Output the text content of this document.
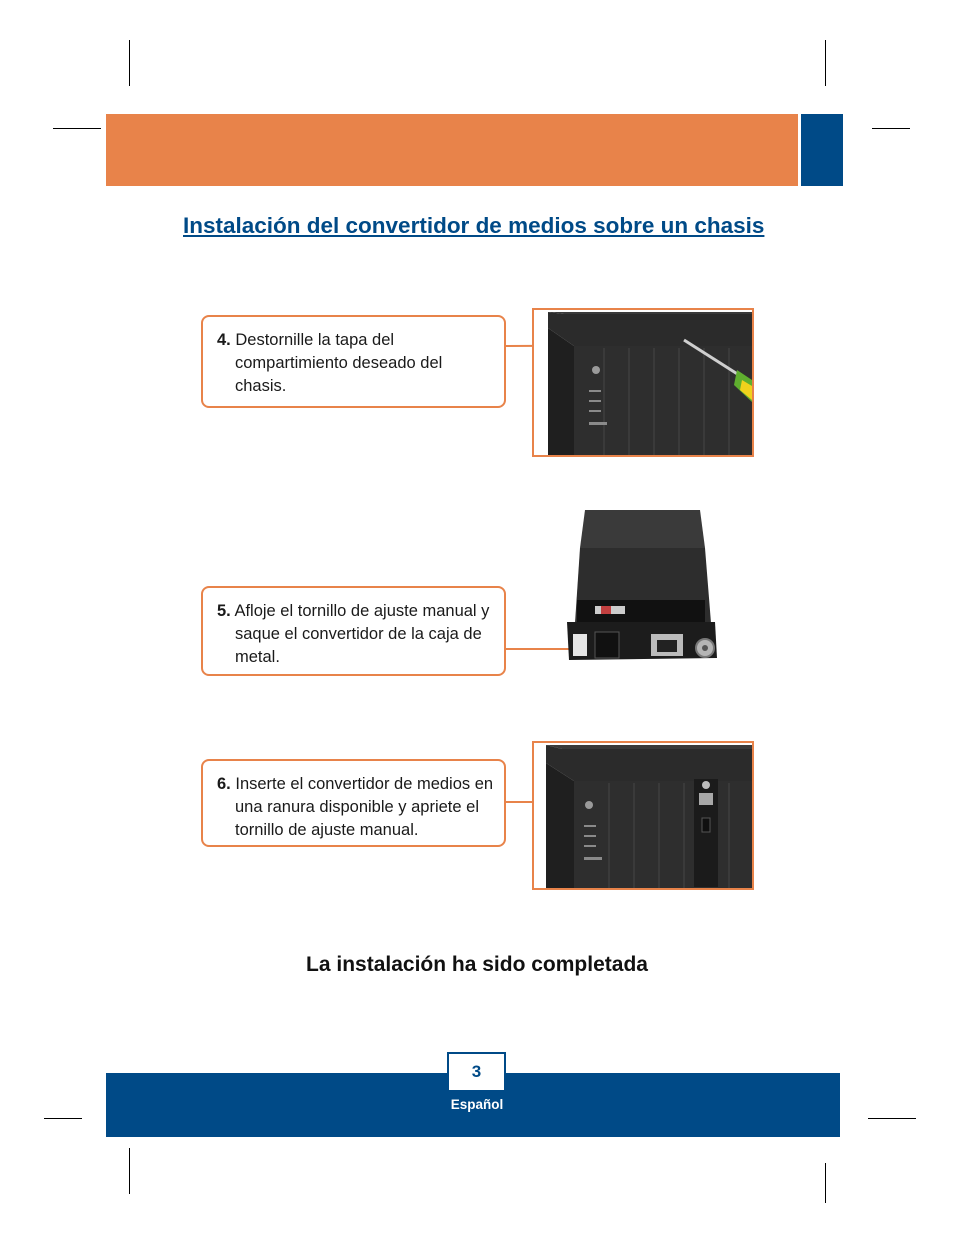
Instalación del convertidor de medios sobre un chasis
4. Destornille la tapa del
compartimiento deseado del
chasis.
5. Afloje el tornillo de ajuste manual y
saque el convertidor de la caja de
metal.
6. Inserte el convertidor de medios en
una ranura disponible y apriete el
tornillo de ajuste manual.
La instalación ha sido completada
3
Español
